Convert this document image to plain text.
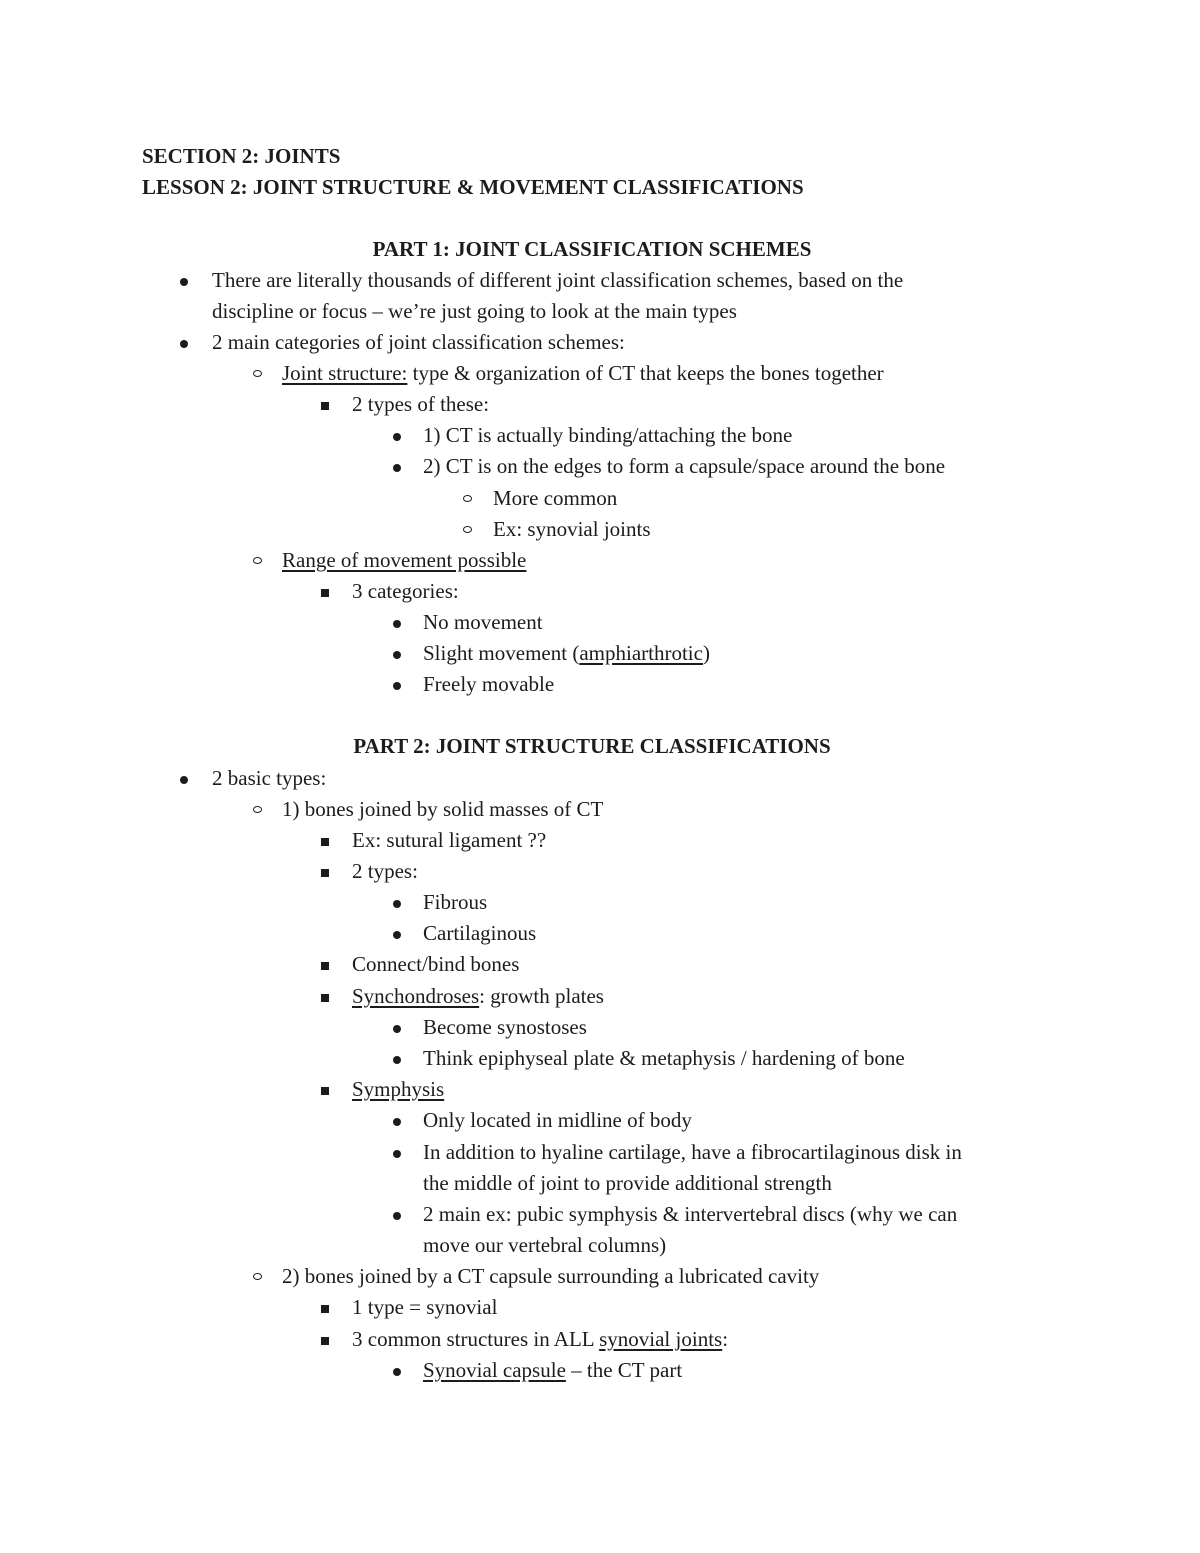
SECTION 2: JOINTS
LESSON 2: JOINT STRUCTURE & MOVEMENT CLASSIFICATIONS
PART 1: JOINT CLASSIFICATION SCHEMES
There are literally thousands of different joint classification schemes, based on the
discipline or focus – we’re just going to look at the main types
2 main categories of joint classification schemes:
Joint structure: type & organization of CT that keeps the bones together
2 types of these:
1) CT is actually binding/attaching the bone
2) CT is on the edges to form a capsule/space around the bone
More common
Ex: synovial joints
Range of movement possible
3 categories:
No movement
Slight movement (amphiarthrotic)
Freely movable
PART 2: JOINT STRUCTURE CLASSIFICATIONS
2 basic types:
1) bones joined by solid masses of CT
Ex: sutural ligament ??
2 types:
Fibrous
Cartilaginous
Connect/bind bones
Synchondroses: growth plates
Become synostoses
Think epiphyseal plate & metaphysis / hardening of bone
Symphysis
Only located in midline of body
In addition to hyaline cartilage, have a fibrocartilaginous disk in
the middle of joint to provide additional strength
2 main ex: pubic symphysis & intervertebral discs (why we can
move our vertebral columns)
2) bones joined by a CT capsule surrounding a lubricated cavity
1 type = synovial
3 common structures in ALL synovial joints:
Synovial capsule – the CT part
